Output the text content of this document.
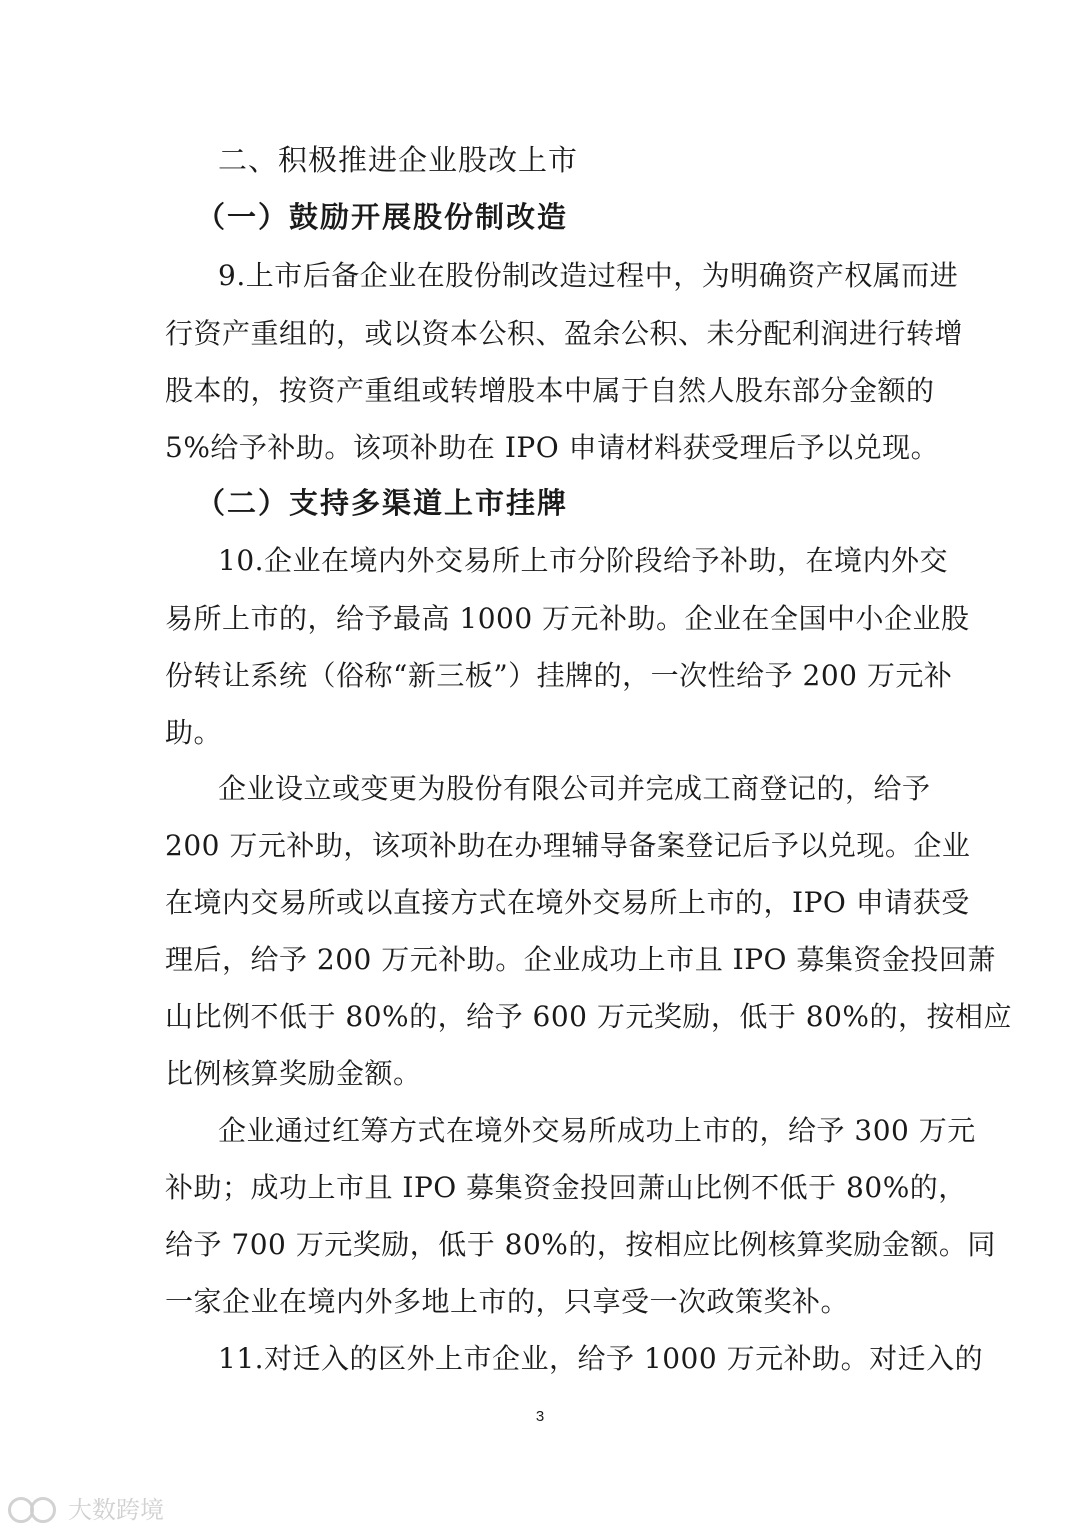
二、积极推进企业股改上市
（一）鼓励开展股份制改造
9.上市后备企业在股份制改造过程中，为明确资产权属而进
行资产重组的，或以资本公积、盈余公积、未分配利润进行转增
股本的，按资产重组或转增股本中属于自然人股东部分金额的
5%给予补助。该项补助在 IPO 申请材料获受理后予以兑现。
（二）支持多渠道上市挂牌
10.企业在境内外交易所上市分阶段给予补助，在境内外交
易所上市的，给予最高 1000 万元补助。企业在全国中小企业股
份转让系统（俗称“新三板”）挂牌的，一次性给予 200 万元补
助。
企业设立或变更为股份有限公司并完成工商登记的，给予
200 万元补助，该项补助在办理辅导备案登记后予以兑现。企业
在境内交易所或以直接方式在境外交易所上市的，IPO 申请获受
理后，给予 200 万元补助。企业成功上市且 IPO 募集资金投回萧
山比例不低于 80%的，给予 600 万元奖励，低于 80%的，按相应
比例核算奖励金额。
企业通过红筹方式在境外交易所成功上市的，给予 300 万元
补助；成功上市且 IPO 募集资金投回萧山比例不低于 80%的，
给予 700 万元奖励，低于 80%的，按相应比例核算奖励金额。同
一家企业在境内外多地上市的，只享受一次政策奖补。
11.对迁入的区外上市企业，给予 1000 万元补助。对迁入的
3
大数跨境
